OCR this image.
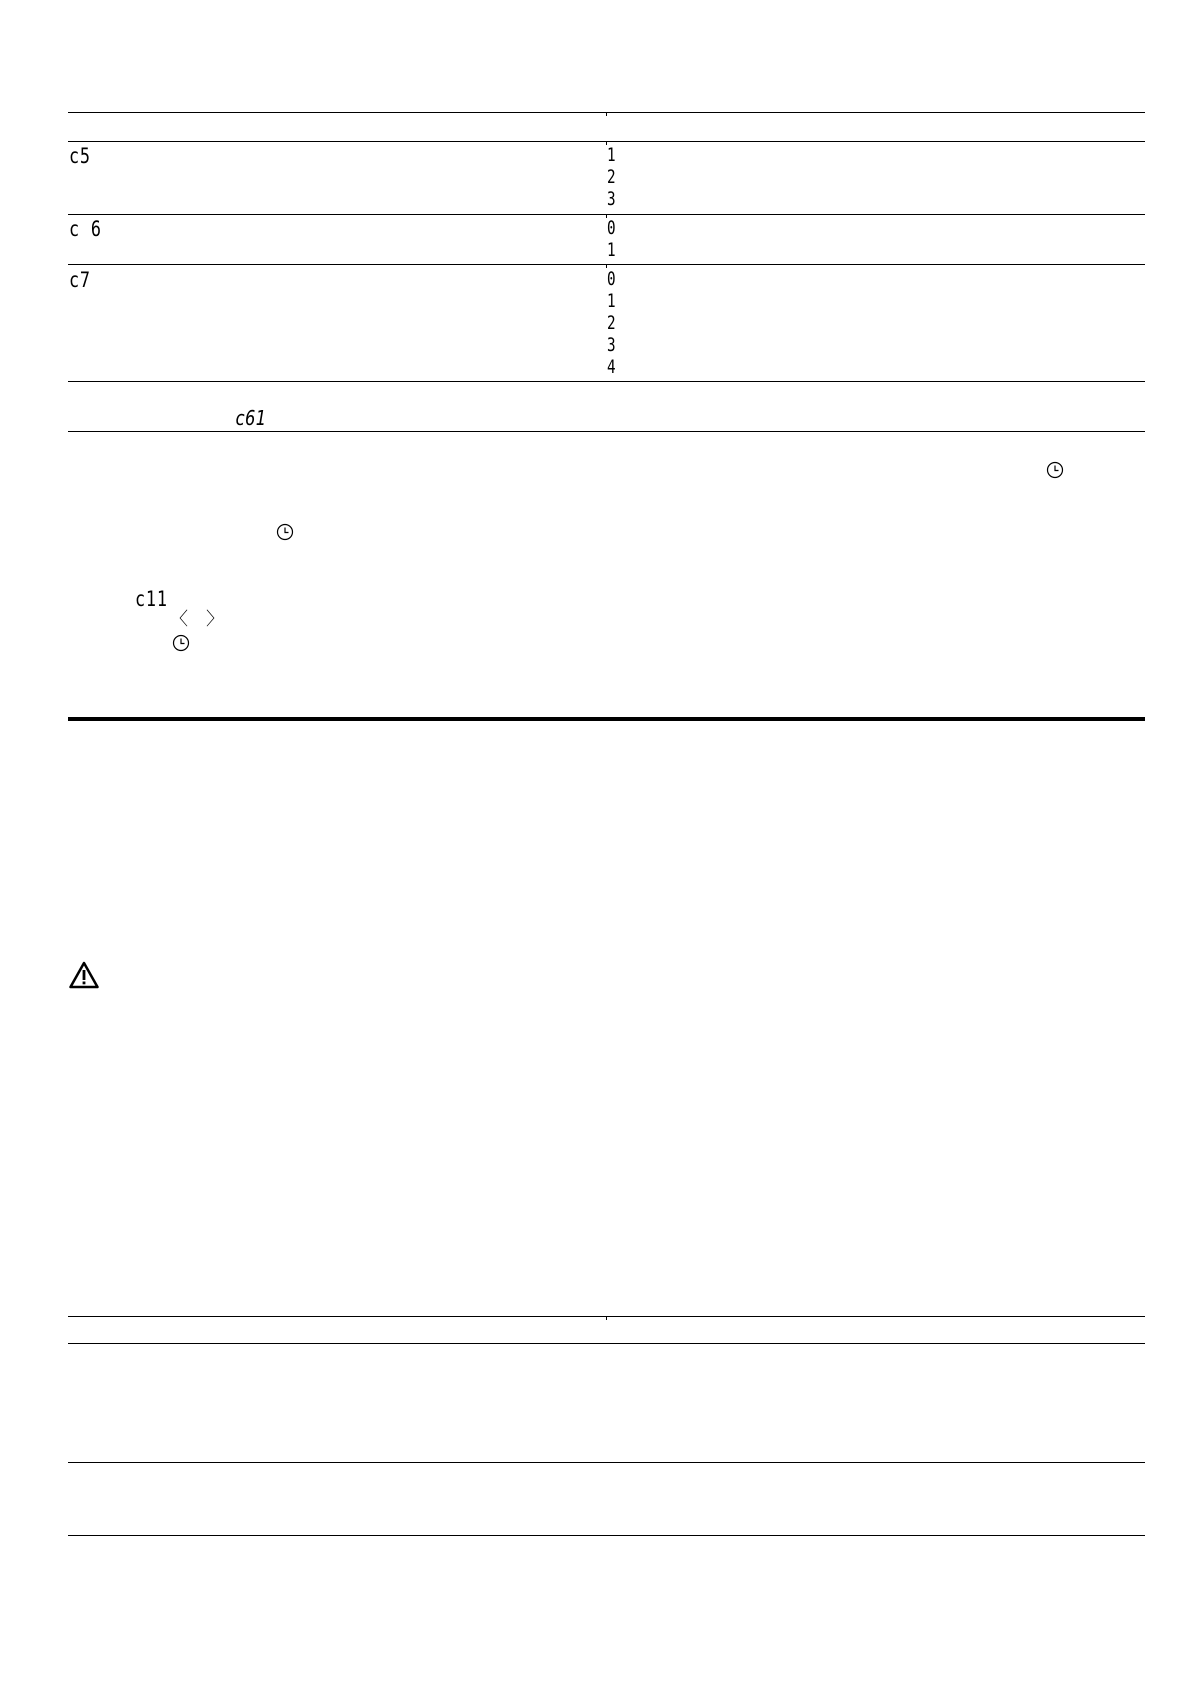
c5	1
2
3
c 6	0
1
c7	0
1
2
3
4
c61
c11
〈 〉
